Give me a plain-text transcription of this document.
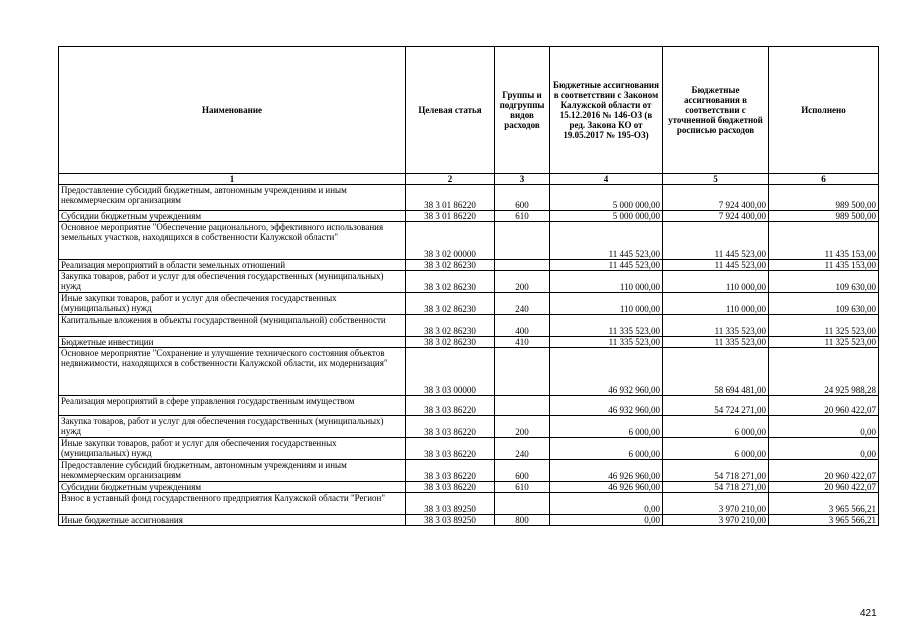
Наименование	Целевая статья	Группы и подгруппы видов расходов	Бюджетные ассигнования в соответствии с Законом Калужской области от 15.12.2016 № 146-ОЗ (в ред. Закона КО от 19.05.2017 № 195-ОЗ)	Бюджетные ассигнования в соответствии с уточненной бюджетной росписью расходов	Исполнено
1	2	3	4	5	6
Предоставление субсидий бюджетным, автономным учреждениям и иным некоммерческим организациям	38 3 01 86220	600	5 000 000,00	7 924 400,00	989 500,00
Субсидии бюджетным учреждениям	38 3 01 86220	610	5 000 000,00	7 924 400,00	989 500,00
Основное мероприятие "Обеспечение рационального, эффективного использования земельных участков, находящихся в собственности Калужской области"	38 3 02 00000		11 445 523,00	11 445 523,00	11 435 153,00
Реализация мероприятий в области земельных отношений	38 3 02 86230		11 445 523,00	11 445 523,00	11 435 153,00
Закупка товаров, работ и услуг для обеспечения государственных (муниципальных) нужд	38 3 02 86230	200	110 000,00	110 000,00	109 630,00
Иные закупки товаров, работ и услуг для обеспечения государственных (муниципальных) нужд	38 3 02 86230	240	110 000,00	110 000,00	109 630,00
Капитальные вложения в объекты государственной (муниципальной) собственности	38 3 02 86230	400	11 335 523,00	11 335 523,00	11 325 523,00
Бюджетные инвестиции	38 3 02 86230	410	11 335 523,00	11 335 523,00	11 325 523,00
Основное мероприятие "Сохранение и улучшение технического состояния объектов недвижимости, находящихся в собственности Калужской области, их модернизация"	38 3 03 00000		46 932 960,00	58 694 481,00	24 925 988,28
Реализация мероприятий в сфере управления государственным имуществом	38 3 03 86220		46 932 960,00	54 724 271,00	20 960 422,07
Закупка товаров, работ и услуг для обеспечения государственных (муниципальных) нужд	38 3 03 86220	200	6 000,00	6 000,00	0,00
Иные закупки товаров, работ и услуг для обеспечения государственных (муниципальных) нужд	38 3 03 86220	240	6 000,00	6 000,00	0,00
Предоставление субсидий бюджетным, автономным учреждениям и иным некоммерческим организациям	38 3 03 86220	600	46 926 960,00	54 718 271,00	20 960 422,07
Субсидии бюджетным учреждениям	38 3 03 86220	610	46 926 960,00	54 718 271,00	20 960 422,07
Взнос в уставный фонд государственного предприятия Калужской области "Регион"	38 3 03 89250		0,00	3 970 210,00	3 965 566,21
Иные бюджетные ассигнования	38 3 03 89250	800	0,00	3 970 210,00	3 965 566,21
421
